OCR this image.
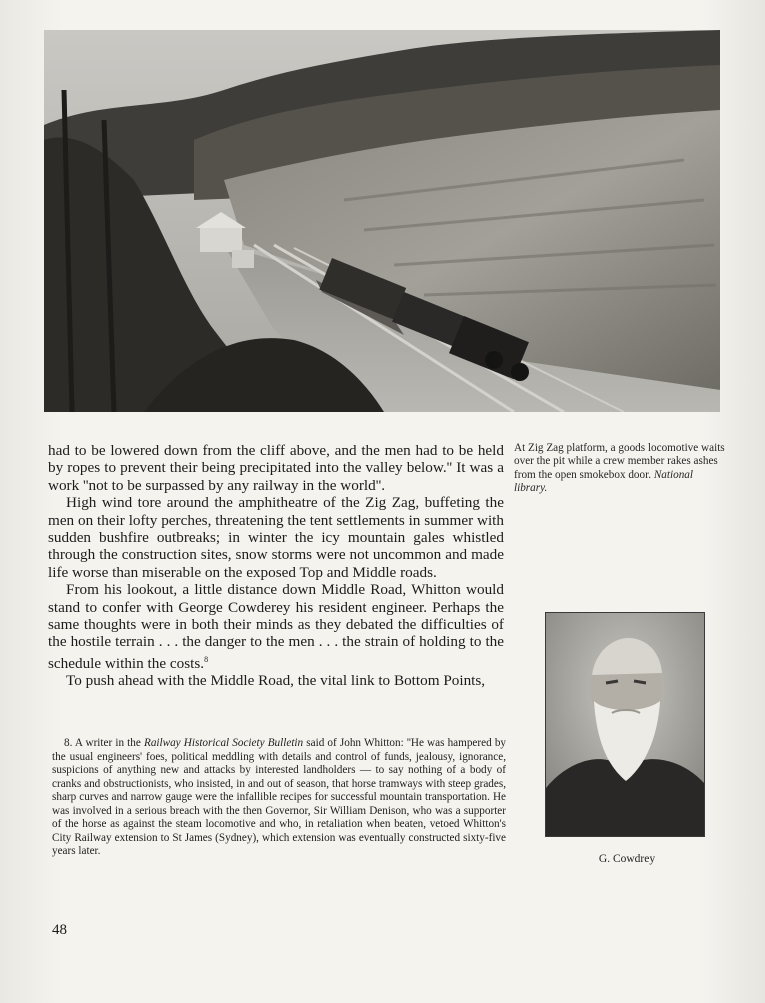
had to be lowered down from the cliff above, and the men had to be held by ropes to prevent their being precipitated into the valley below.'' It was a work ''not to be surpassed by any railway in the world''.

High wind tore around the amphitheatre of the Zig Zag, buffeting the men on their lofty perches, threatening the tent settlements in summer with sudden bushfire outbreaks; in winter the icy mountain gales whistled through the construction sites, snow storms were not uncommon and made life worse than miserable on the exposed Top and Middle roads.

From his lookout, a little distance down Middle Road, Whitton would stand to confer with George Cowderey his resident engineer. Perhaps the same thoughts were in both their minds as they debated the difficulties of the hostile terrain . . . the danger to the men . . . the strain of holding to the schedule within the costs.$^8$

To push ahead with the Middle Road, the vital link to Bottom Points,

At Zig Zag platform, a goods locomotive waits over the pit while a crew member rakes ashes from the open smokebox door. National library.
G. Cowdrey

8. A writer in the Railway Historical Society Bulletin said of John Whitton: ''He was hampered by the usual engineers' foes, political meddling with details and control of funds, jealousy, ignorance, suspicions of anything new and attacks by interested landholders — to say nothing of a body of cranks and obstructionists, who insisted, in and out of season, that horse tramways with steep grades, sharp curves and narrow gauge were the infallible recipes for successful mountain transportation. He was involved in a serious breach with the then Governor, Sir William Denison, who was a supporter of the horse as against the steam locomotive and who, in retaliation when beaten, vetoed Whitton's City Railway extension to St James (Sydney), which extension was eventually constructed sixty-five years later.

48
